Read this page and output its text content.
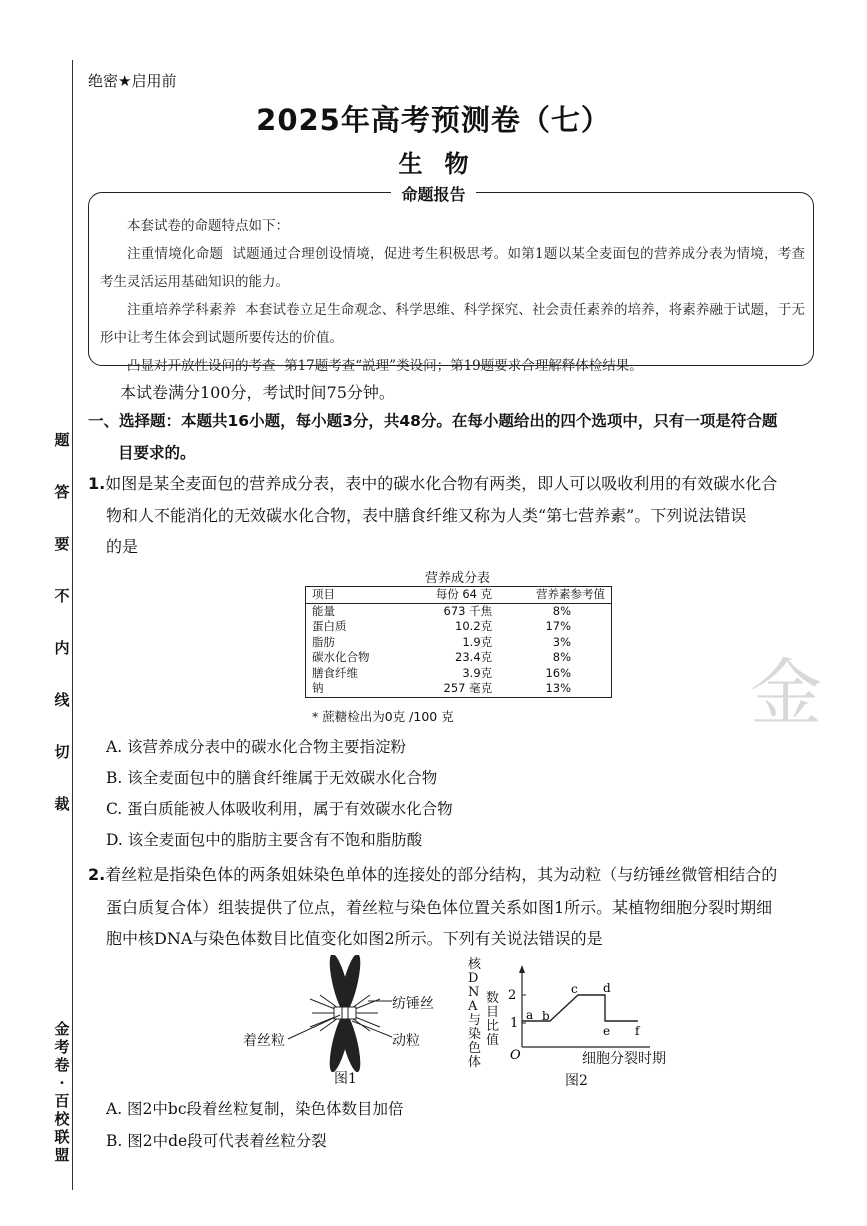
题
答
要
不
内
线
切
裁
金考卷·百校联盟
绝密★启用前
2025年高考预测卷（七）
生物
命题报告

本套试卷的命题特点如下：

注重情境化命题 试题通过合理创设情境，促进考生积极思考。如第1题以某全麦面包的营养成分表为情境，考查考生灵活运用基础知识的能力。

注重培养学科素养 本套试卷立足生命观念、科学思维、科学探究、社会责任素养的培养，将素养融于试题，于无形中让考生体会到试题所要传达的价值。

凸显对开放性设问的考查 第17题考查“説理”类设问；第19题要求合理解释体检结果。

本试卷满分100分，考试时间75分钟。
一、选择题：本题共16小题，每小题3分，共48分。在每小题给出的四个选项中，只有一项是符合题
目要求的。
1.如图是某全麦面包的营养成分表，表中的碳水化合物有两类，即人可以吸收利用的有效碳水化合
物和人不能消化的无效碳水化合物，表中膳食纤维又称为人类“第七营养素”。下列说法错误
的是
营养成分表
项目	每份 64 克	营养素参考值
能量	673 千焦	8%
蛋白质	10.2克	17%
脂肪	1.9克	3%
碳水化合物	23.4克	8%
膳食纤维	3.9克	16%
钠	257 毫克	13%
* 蔗糖检出为0克 /100 克	金
A. 该营养成分表中的碳水化合物主要指淀粉
B. 该全麦面包中的膳食纤维属于无效碳水化合物
C. 蛋白质能被人体吸收利用，属于有效碳水化合物
D. 该全麦面包中的脂肪主要含有不饱和脂肪酸
2.着丝粒是指染色体的两条姐妹染色单体的连接处的部分结构，其为动粒（与纺锤丝微管相结合的
蛋白质复合体）组装提供了位点，着丝粒与染色体位置关系如图1所示。某植物细胞分裂时期细
胞中核DNA与染色体数目比值变化如图2所示。下列有关说法错误的是
纺锤丝
动粒
着丝粒
图1
2
1
O
a b
c d
e f
核DNA与染色体
数目比值
细胞分裂时期
图2
A. 图2中bc段着丝粒复制，染色体数目加倍
B. 图2中de段可代表着丝粒分裂
